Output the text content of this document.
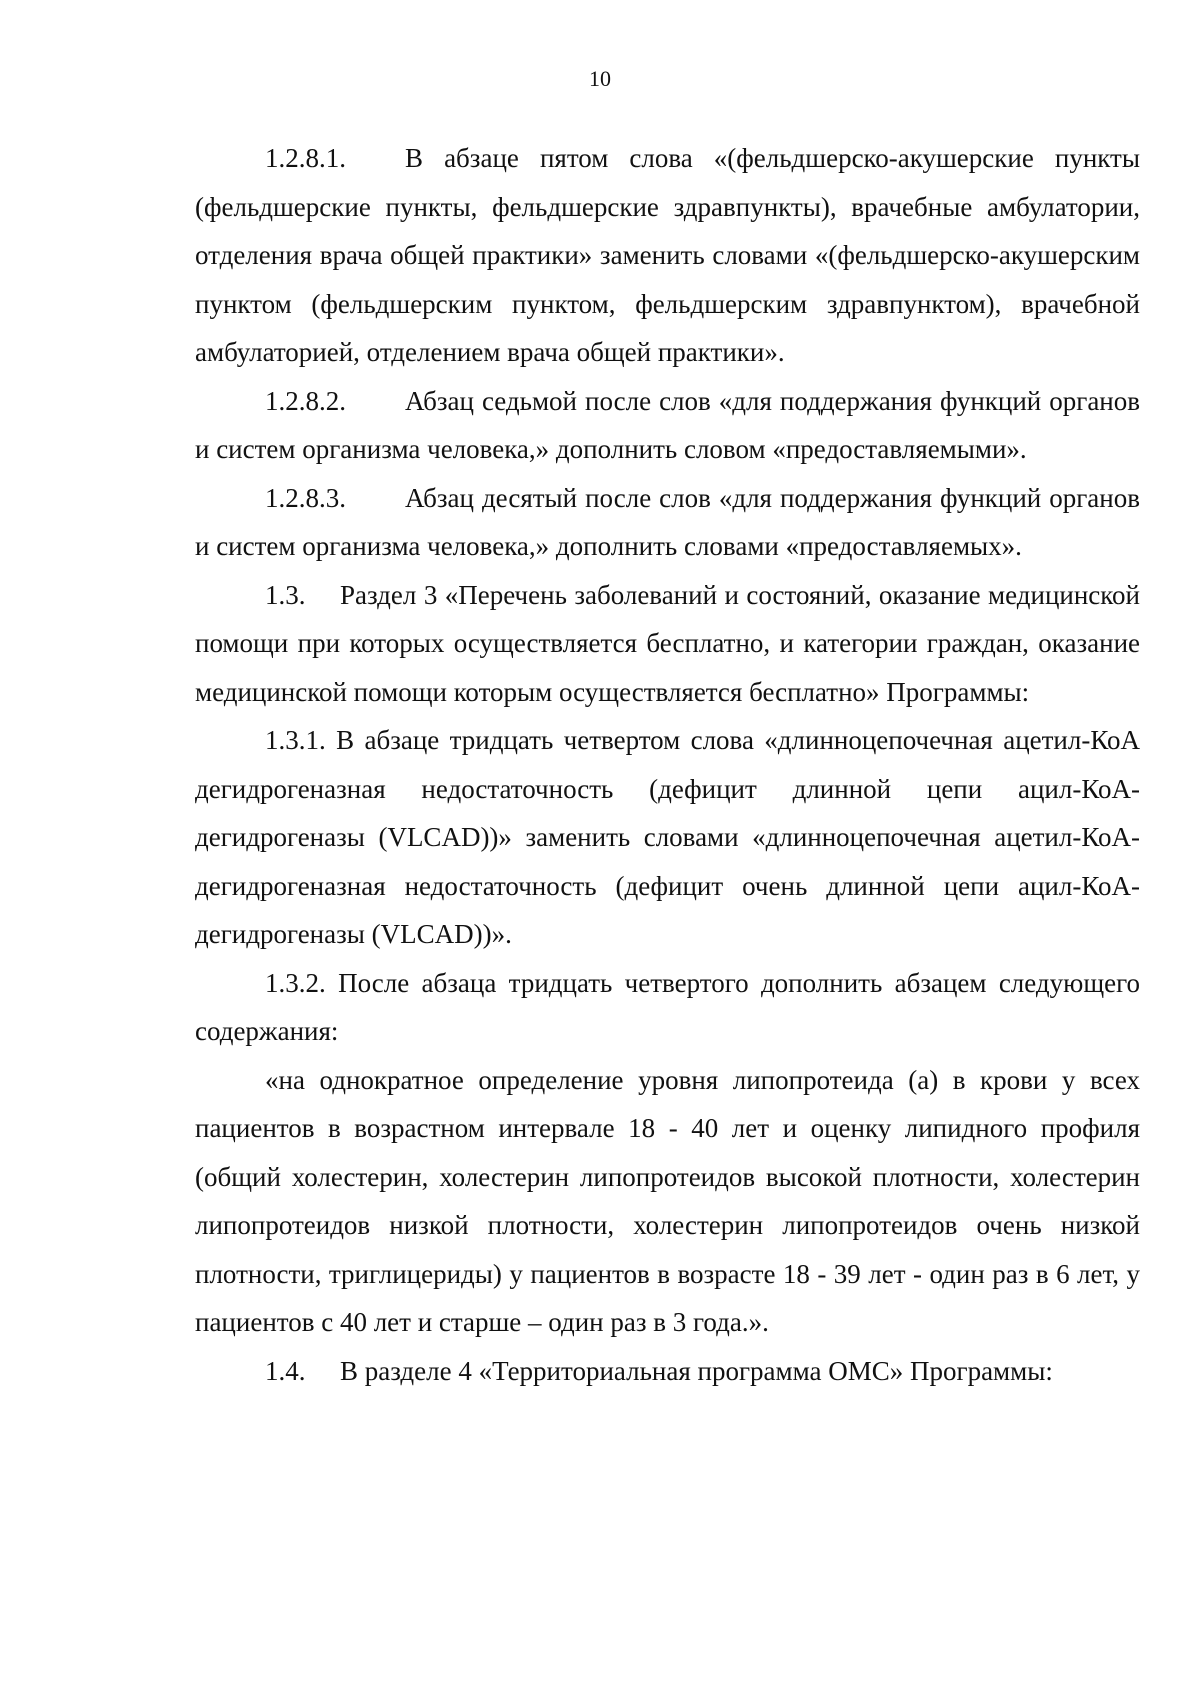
10

1.2.8.1. В абзаце пятом слова «(фельдшерско-акушерские пункты (фельдшерские пункты, фельдшерские здравпункты), врачебные амбулатории, отделения врача общей практики» заменить словами «(фельдшерско-акушерским пунктом (фельдшерским пунктом, фельдшерским здравпунктом), врачебной амбулаторией, отделением врача общей практики».

1.2.8.2. Абзац седьмой после слов «для поддержания функций органов и систем организма человека,» дополнить словом «предоставляемыми».

1.2.8.3. Абзац десятый после слов «для поддержания функций органов и систем организма человека,» дополнить словами «предоставляемых».

1.3. Раздел 3 «Перечень заболеваний и состояний, оказание медицинской помощи при которых осуществляется бесплатно, и категории граждан, оказание медицинской помощи которым осуществляется бесплатно» Программы:

1.3.1. В абзаце тридцать четвертом слова «длинноцепочечная ацетил-КоА дегидрогеназная недостаточность (дефицит длинной цепи ацил-КоА-дегидрогеназы (VLCAD))» заменить словами «длинноцепочечная ацетил-КоА-дегидрогеназная недостаточность (дефицит очень длинной цепи ацил-КоА-дегидрогеназы (VLCAD))».

1.3.2. После абзаца тридцать четвертого дополнить абзацем следующего содержания:

«на однократное определение уровня липопротеида (а) в крови у всех пациентов в возрастном интервале 18 - 40 лет и оценку липидного профиля (общий холестерин, холестерин липопротеидов высокой плотности, холестерин липопротеидов низкой плотности, холестерин липопротеидов очень низкой плотности, триглицериды) у пациентов в возрасте 18 - 39 лет - один раз в 6 лет, у пациентов с 40 лет и старше – один раз в 3 года.».

1.4. В разделе 4 «Территориальная программа ОМС» Программы:
